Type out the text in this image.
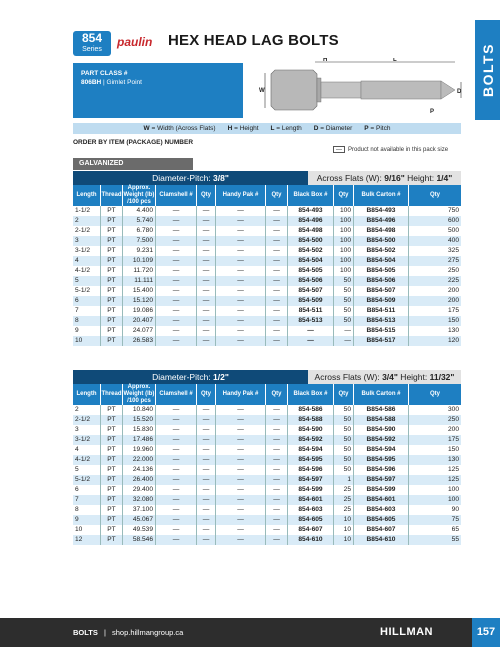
854
Series
paulin HEX HEAD LAG BOLTS
PART CLASS #
806BH | Gimlet Point
H	L
W	D
P
W = Width (Across Flats) H = Height L = Length D = Diameter P = Pitch
ORDER BY ITEM (PACKAGE) NUMBER
—	Product not available in this pack size
BOLTS
GALVANIZED
Diameter-Pitch: 3/8"	Across Flats (W): 9/16" Height: 1/4"
Length Thread
Approx. Weight (lb) /100 pcs
Clamshell #	Qty	Handy Pak #	Qty	Black Box #	Qty	Bulk Carton #	Qty
1-1/2	PT	4.400	—	—	—	—	854-493	100	B854-493	750
2	PT	5.740	—	—	—	—	854-496	100	B854-496	600
2-1/2	PT	6.780	—	—	—	—	854-498	100	B854-498	500
3	PT	7.500	—	—	—	—	854-500	100	B854-500	400
3-1/2	PT	9.231	—	—	—	—	854-502	100	B854-502	325
4	PT	10.109	—	—	—	—	854-504	100	B854-504	275
4-1/2	PT	11.720	—	—	—	—	854-505	100	B854-505	250
5	PT	11.111	—	—	—	—	854-506	50	B854-506	225
5-1/2	PT	15.400	—	—	—	—	854-507	50	B854-507	200
6	PT	15.120	—	—	—	—	854-509	50	B854-509	200
7	PT	19.086	—	—	—	—	854-511	50	B854-511	175
8	PT	20.407	—	—	—	—	854-513	50	B854-513	150
9	PT	24.077	—	—	—	—	—	—	B854-515	130
10	PT	26.583	—	—	—	—	—	—	B854-517	120
Diameter-Pitch: 1/2"	Across Flats (W): 3/4" Height: 11/32"
Length Thread
Approx. Weight (lb) /100 pcs
Clamshell #	Qty	Handy Pak #	Qty	Black Box #	Qty	Bulk Carton #	Qty
2	PT	10.840	—	—	—	—	854-586	50	B854-586	300
2-1/2	PT	15.520	—	—	—	—	854-588	50	B854-588	250
3	PT	15.830	—	—	—	—	854-590	50	B854-590	200
3-1/2	PT	17.486	—	—	—	—	854-592	50	B854-592	175
4	PT	19.960	—	—	—	—	854-594	50	B854-594	150
4-1/2	PT	22.000	—	—	—	—	854-595	50	B854-595	130
5	PT	24.136	—	—	—	—	854-596	50	B854-596	125
5-1/2	PT	26.400	—	—	—	—	854-597	1	B854-597	125
6	PT	29.400	—	—	—	—	854-599	25	B854-599	100
7	PT	32.080	—	—	—	—	854-601	25	B854-601	100
8	PT	37.100	—	—	—	—	854-603	25	B854-603	90
9	PT	45.067	—	—	—	—	854-605	10	B854-605	75
10	PT	49.539	—	—	—	—	854-607	10	B854-607	65
12	PT	58.546	—	—	—	—	854-610	10	B854-610	55
BOLTS | shop.hillmangroup.ca	HILLMAN	157
